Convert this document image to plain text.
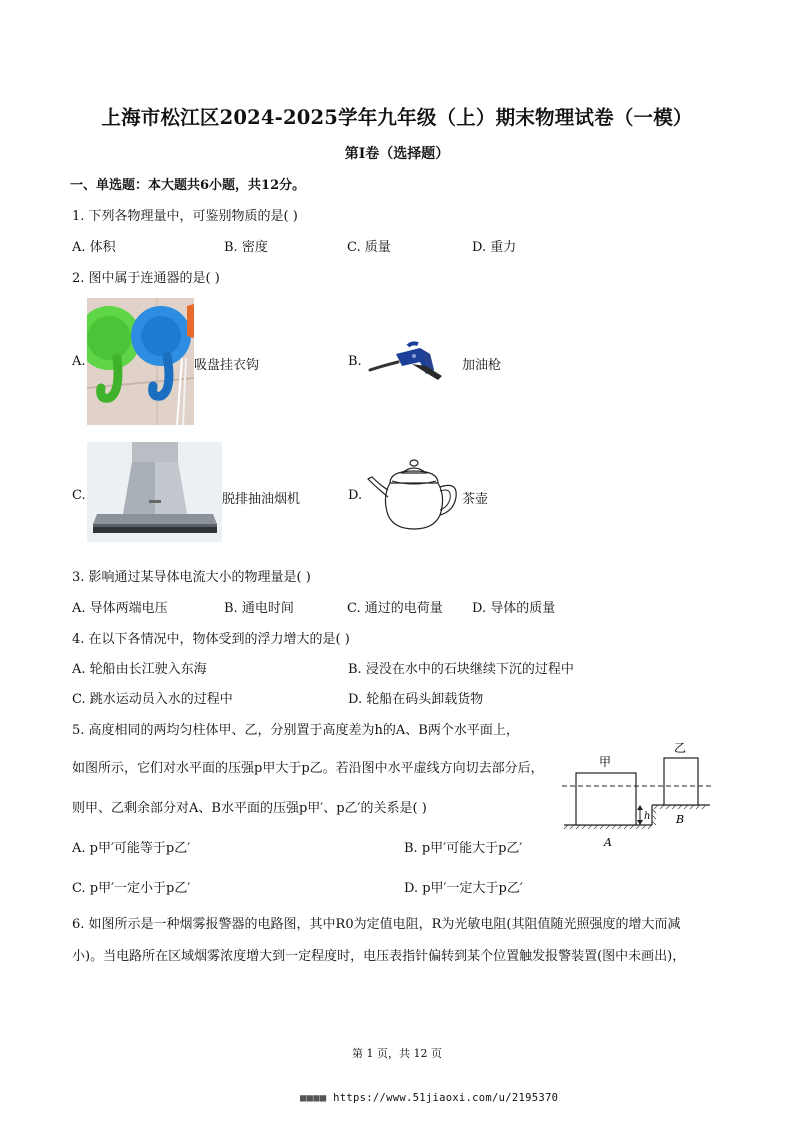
上海市松江区2024-2025学年九年级（上）期末物理试卷（一模）
第I卷（选择题）
一、单选题：本大题共6小题，共12分。
1. 下列各物理量中，可鉴别物质的是( )
A. 体积	B. 密度	C. 质量	D. 重力
2. 图中属于连通器的是( )
A.	吸盘挂衣钩	B.	加油枪
C.	脱排抽油烟机	D.	茶壶
3. 影响通过某导体电流大小的物理量是( )
A. 导体两端电压	B. 通电时间	C. 通过的电荷量 D. 导体的质量
4. 在以下各情况中，物体受到的浮力增大的是( )
A. 轮船由长江驶入东海	B. 浸没在水中的石块继续下沉的过程中
C. 跳水运动员入水的过程中	D. 轮船在码头卸载货物
5. 高度相同的两均匀柱体甲、乙，分别置于高度差为h的A、B两个水平面上，
如图所示，它们对水平面的压强p甲大于p乙。若沿图中水平虚线方向切去部分后，
则甲、乙剩余部分对A、B水平面的压强p甲′、p乙′的关系是( )
A. p甲′可能等于p乙′	B. p甲′可能大于p乙′
C. p甲′一定小于p乙′	D. p甲′一定大于p乙′
h
甲
乙
A
B
6. 如图所示是一种烟雾报警器的电路图，其中R0为定值电阻，R为光敏电阻(其阻值随光照强度的增大而减
小)。当电路所在区域烟雾浓度增大到一定程度时，电压表指针偏转到某个位置触发报警装置(图中未画出)，
第 1 页，共 12 页
■■■■ https://www.51jiaoxi.com/u/2195370
